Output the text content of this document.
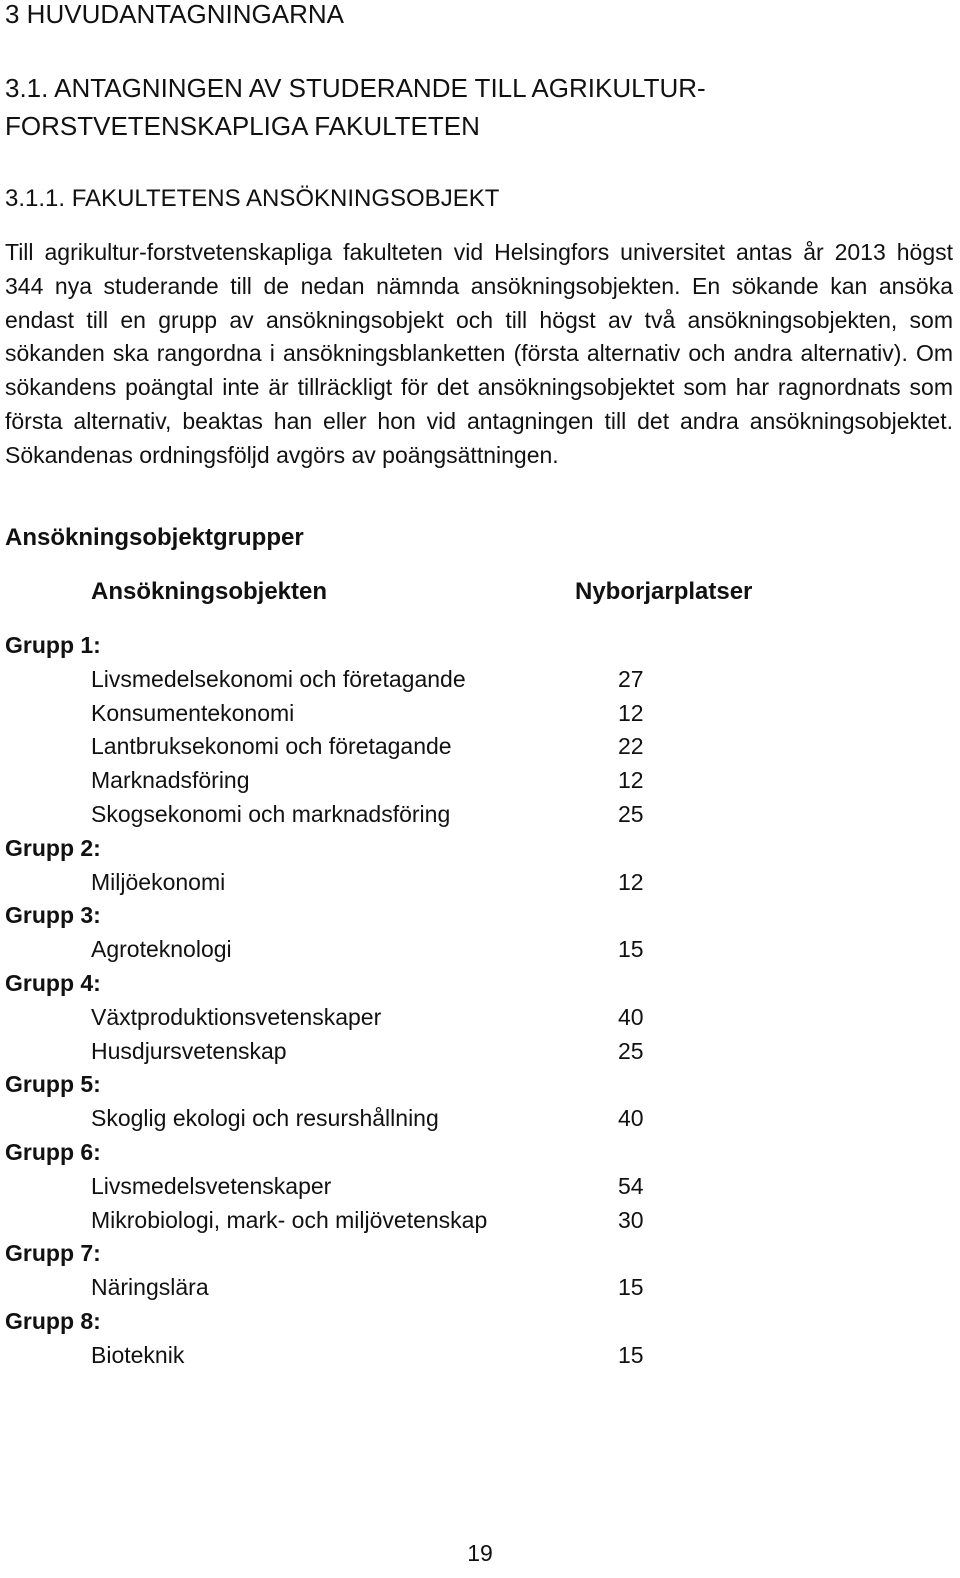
3 HUVUDANTAGNINGARNA
3.1. ANTAGNINGEN AV STUDERANDE TILL AGRIKULTUR-FORSTVETENSKAPLIGA FAKULTETEN
3.1.1. FAKULTETENS ANSÖKNINGSOBJEKT

Till agrikultur-forstvetenskapliga fakulteten vid Helsingfors universitet antas år 2013 högst 344 nya studerande till de nedan nämnda ansökningsobjekten. En sökande kan ansöka endast till en grupp av ansökningsobjekt och till högst av två ansökningsobjekten, som sökanden ska rangordna i ansökningsblanketten (första alternativ och andra alternativ). Om sökandens poängtal inte är tillräckligt för det ansökningsobjektet som har ragnordnats som första alternativ, beaktas han eller hon vid antagningen till det andra ansökningsobjektet. Sökandenas ordningsföljd avgörs av poängsättningen.

Ansökningsobjektgrupper
Ansökningsobjekten	Nyborjarplatser
Grupp 1:
Livsmedelsekonomi och företagande	27
Konsumentekonomi	12
Lantbruksekonomi och företagande	22
Marknadsföring	12
Skogsekonomi och marknadsföring	25
Grupp 2:
Miljöekonomi	12
Grupp 3:
Agroteknologi	15
Grupp 4:
Växtproduktionsvetenskaper	40
Husdjursvetenskap	25
Grupp 5:
Skoglig ekologi och resurshållning	40
Grupp 6:
Livsmedelsvetenskaper	54
Mikrobiologi, mark- och miljövetenskap	30
Grupp 7:
Näringslära	15
Grupp 8:
Bioteknik	15
19
